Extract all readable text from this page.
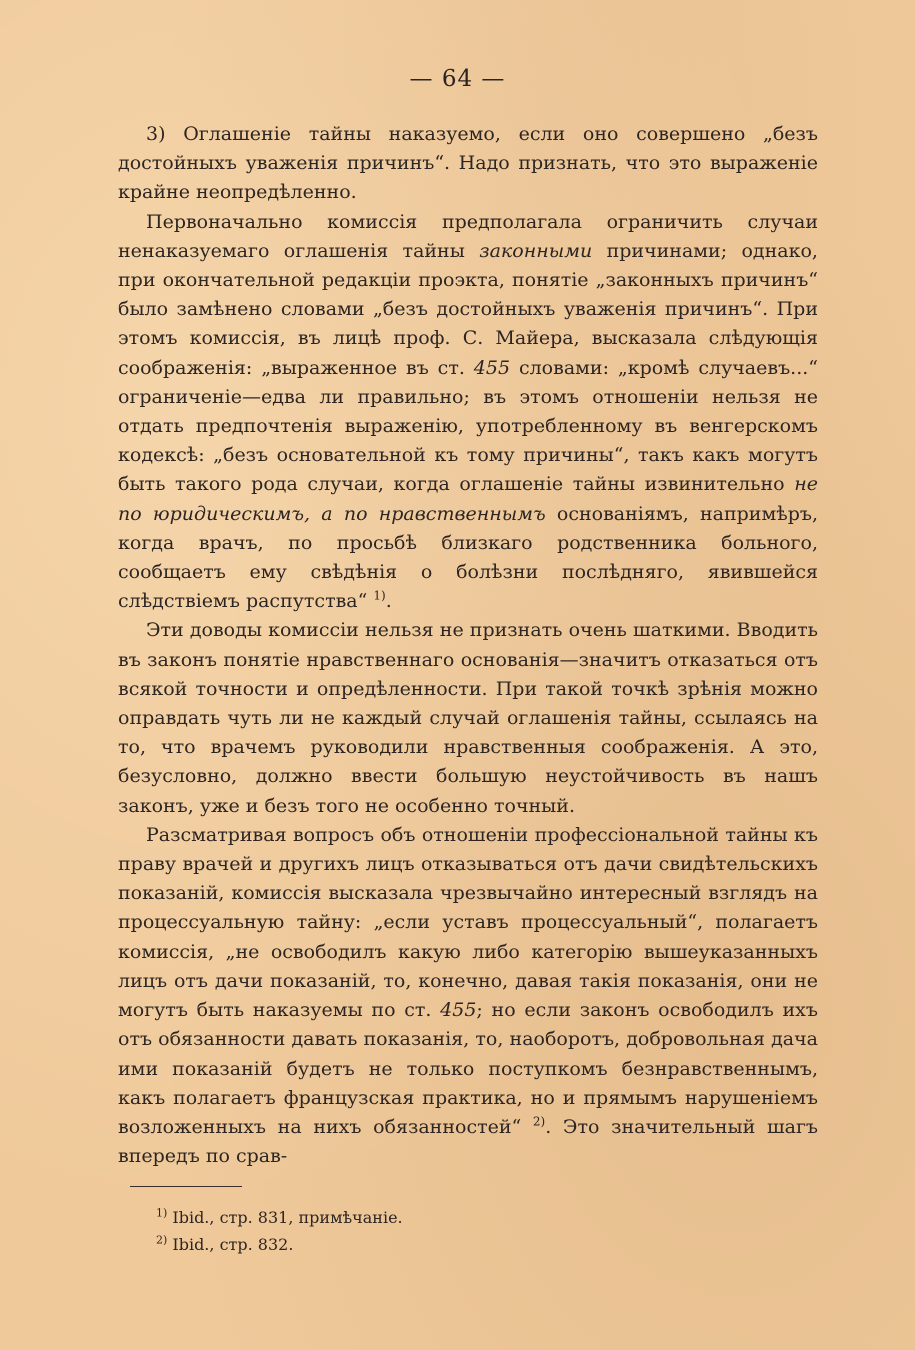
— 64 —

3) Оглашеніе тайны наказуемо, если оно совершено „безъ достойныхъ уваженія причинъ“. Надо признать, что это выраженіе крайне неопредѣленно.

Первоначально комиссія предполагала ограничить случаи ненаказуемаго оглашенія тайны законными причинами; однако, при окончательной редакціи проэкта, понятіе „законныхъ причинъ“ было замѣнено словами „безъ достойныхъ уваженія причинъ“. При этомъ комиссія, въ лицѣ проф. С. Майера, высказала слѣдующія соображенія: „выраженное въ ст. 455 словами: „кромѣ случаевъ...“ ограниченіе—едва ли правильно; въ этомъ отношеніи нельзя не отдать предпочтенія выраженію, употребленному въ венгерскомъ кодексѣ: „безъ основательной къ тому причины“, такъ какъ могутъ быть такого рода случаи, когда оглашеніе тайны извинительно не по юридическимъ, а по нравственнымъ основаніямъ, напримѣръ, когда врачъ, по просьбѣ близкаго родственника больного, сообщаетъ ему свѣдѣнія о болѣзни послѣдняго, явившейся слѣдствіемъ распутства“ $^{1)}$.

Эти доводы комиссіи нельзя не признать очень шаткими. Вводить въ законъ понятіе нравственнаго основанія—значитъ отказаться отъ всякой точности и опредѣленности. При такой точкѣ зрѣнія можно оправдать чуть ли не каждый случай оглашенія тайны, ссылаясь на то, что врачемъ руководили нравственныя соображенія. А это, безусловно, должно ввести большую неустойчивость въ нашъ законъ, уже и безъ того не особенно точный.

Разсматривая вопросъ объ отношеніи профессіональной тайны къ праву врачей и другихъ лицъ отказываться отъ дачи свидѣтельскихъ показаній, комиссія высказала чрезвычайно интересный взглядъ на процессуальную тайну: „если уставъ процессуальный“, полагаетъ комиссія, „не освободилъ какую либо категорію вышеуказанныхъ лицъ отъ дачи показаній, то, конечно, давая такія показанія, они не могутъ быть наказуемы по ст. 455; но если законъ освободилъ ихъ отъ обязанности давать показанія, то, наоборотъ, добровольная дача ими показаній будетъ не только поступкомъ безнравственнымъ, какъ полагаетъ французская практика, но и прямымъ нарушеніемъ возложенныхъ на нихъ обязанностей“ $^{2)}$. Это значительный шагъ впередъ по срав-

$^{1)}$ Ibid., стр. 831, примѣчаніе.
$^{2)}$ Ibid., стр. 832.
